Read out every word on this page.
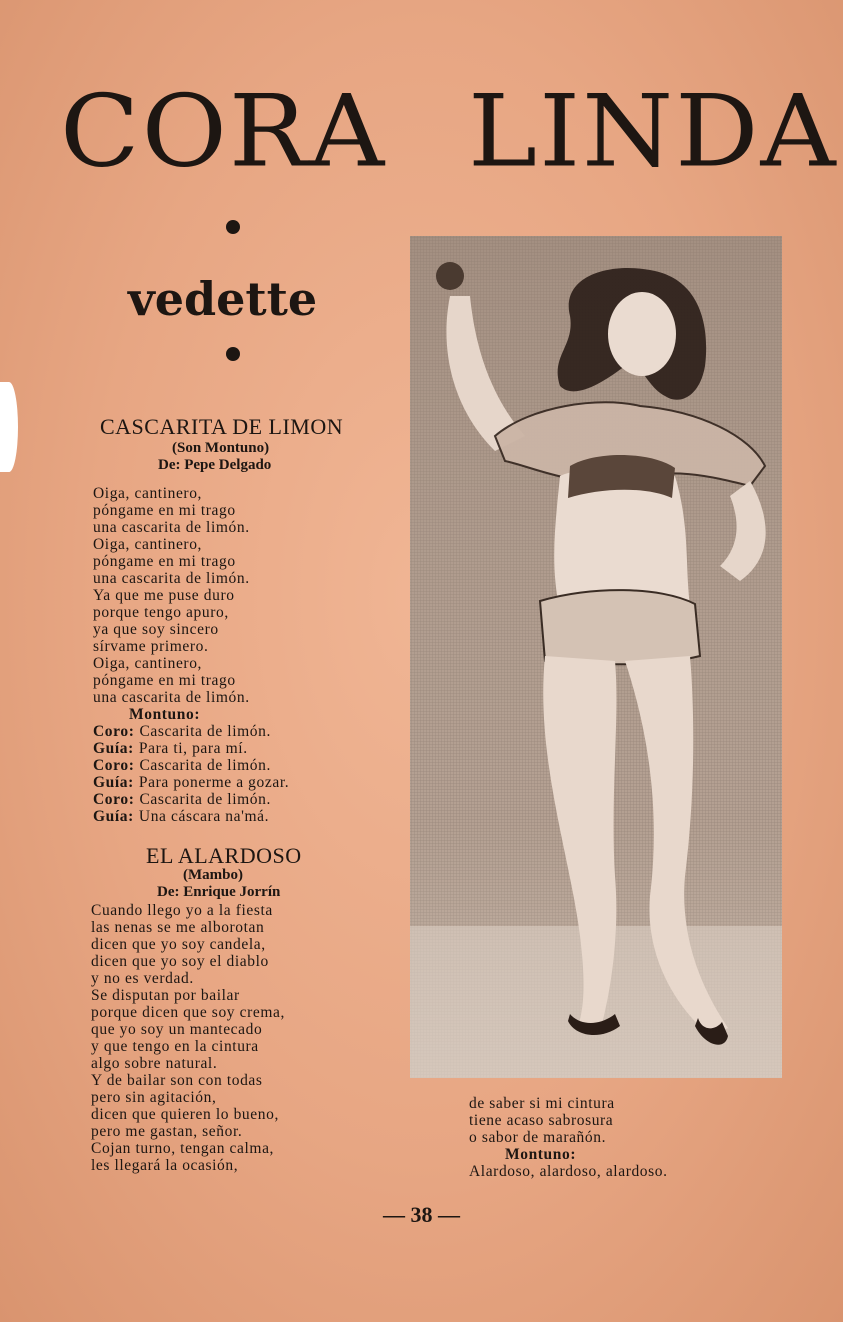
CORA LINDA
vedette
CASCARITA DE LIMON
(Son Montuno)
De: Pepe Delgado
Oiga, cantinero,
póngame en mi trago
una cascarita de limón.
Oiga, cantinero,
póngame en mi trago
una cascarita de limón.
Ya que me puse duro
porque tengo apuro,
ya que soy sincero
sírvame primero.
Oiga, cantinero,
póngame en mi trago
una cascarita de limón.
Montuno:
Coro: Cascarita de limón.
Guía: Para ti, para mí.
Coro: Cascarita de limón.
Guía: Para ponerme a gozar.
Coro: Cascarita de limón.
Guía: Una cáscara na'má.
EL ALARDOSO
(Mambo)
De: Enrique Jorrín
Cuando llego yo a la fiesta
las nenas se me alborotan
dicen que yo soy candela,
dicen que yo soy el diablo
y no es verdad.
Se disputan por bailar
porque dicen que soy crema,
que yo soy un mantecado
y que tengo en la cintura
algo sobre natural.
Y de bailar son con todas
pero sin agitación,
dicen que quieren lo bueno,
pero me gastan, señor.
Cojan turno, tengan calma,
les llegará la ocasión,
de saber si mi cintura
tiene acaso sabrosura
o sabor de marañón.
Montuno:
Alardoso, alardoso, alardoso.
— 38 —
